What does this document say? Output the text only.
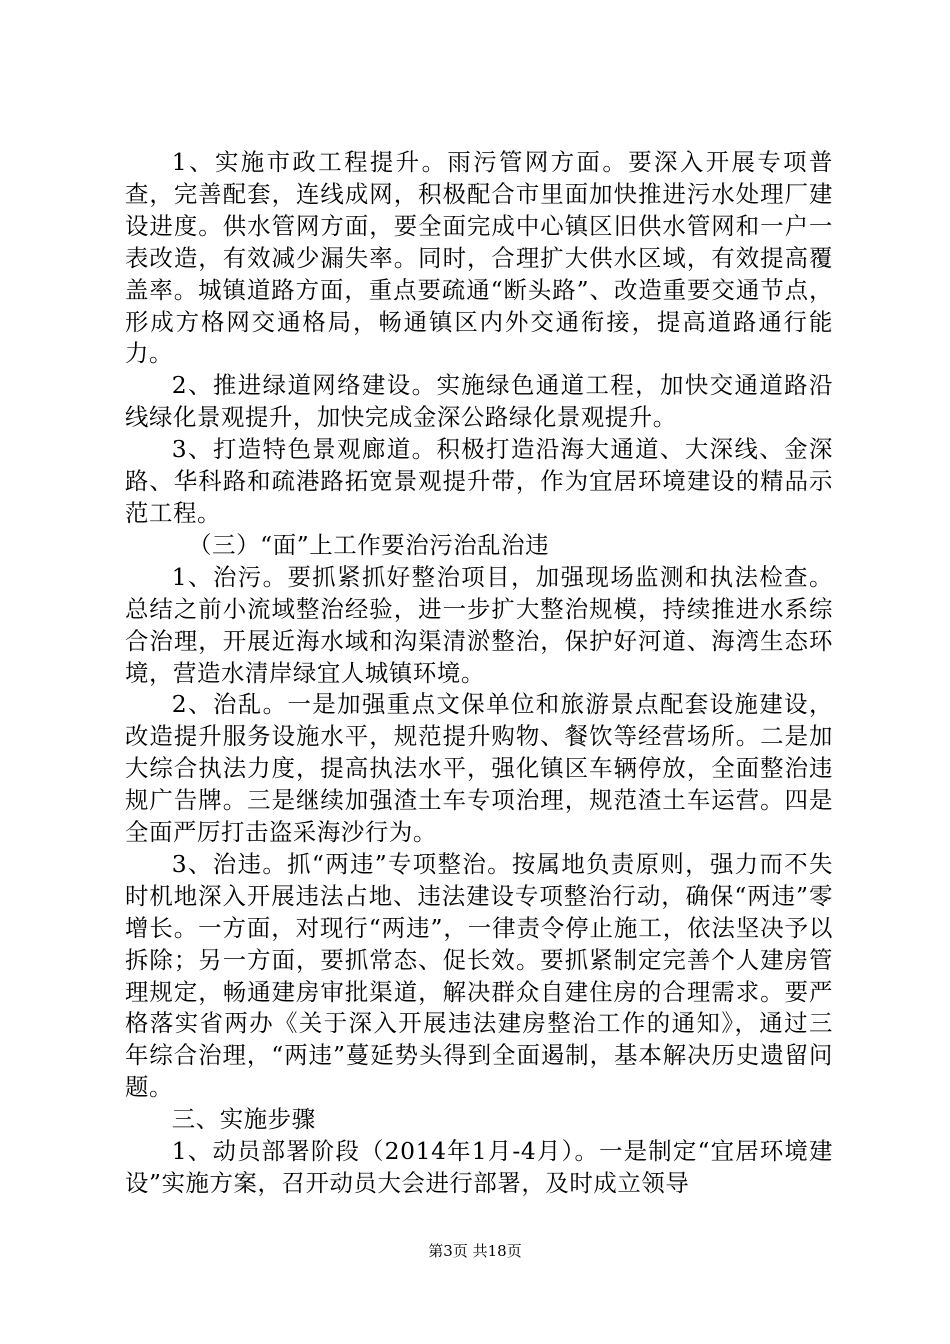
1、实施市政工程提升。雨污管网方面。要深入开展专项普查，完善配套，连线成网，积极配合市里面加快推进污水处理厂建设进度。供水管网方面，要全面完成中心镇区旧供水管网和一户一表改造，有效减少漏失率。同时，合理扩大供水区域，有效提高覆盖率。城镇道路方面，重点要疏通“断头路”、改造重要交通节点，形成方格网交通格局，畅通镇区内外交通衔接，提高道路通行能力。

2、推进绿道网络建设。实施绿色通道工程，加快交通道路沿线绿化景观提升，加快完成金深公路绿化景观提升。

3、打造特色景观廊道。积极打造沿海大通道、大深线、金深路、华科路和疏港路拓宽景观提升带，作为宜居环境建设的精品示范工程。

（三）“面”上工作要治污治乱治违

1、治污。要抓紧抓好整治项目，加强现场监测和执法检查。总结之前小流域整治经验，进一步扩大整治规模，持续推进水系综合治理，开展近海水域和沟渠清淤整治，保护好河道、海湾生态环境，营造水清岸绿宜人城镇环境。

2、治乱。一是加强重点文保单位和旅游景点配套设施建设，改造提升服务设施水平，规范提升购物、餐饮等经营场所。二是加大综合执法力度，提高执法水平，强化镇区车辆停放，全面整治违规广告牌。三是继续加强渣土车专项治理，规范渣土车运营。四是全面严厉打击盗采海沙行为。

3、治违。抓“两违”专项整治。按属地负责原则，强力而不失时机地深入开展违法占地、违法建设专项整治行动，确保“两违”零增长。一方面，对现行“两违”，一律责令停止施工，依法坚决予以拆除；另一方面，要抓常态、促长效。要抓紧制定完善个人建房管理规定，畅通建房审批渠道，解决群众自建住房的合理需求。要严格落实省两办《关于深入开展违法建房整治工作的通知》，通过三年综合治理，“两违”蔓延势头得到全面遏制，基本解决历史遗留问题。

三、实施步骤

1、动员部署阶段（2014年1月-4月）。一是制定“宜居环境建设”实施方案，召开动员大会进行部署，及时成立领导

第3页 共18页
